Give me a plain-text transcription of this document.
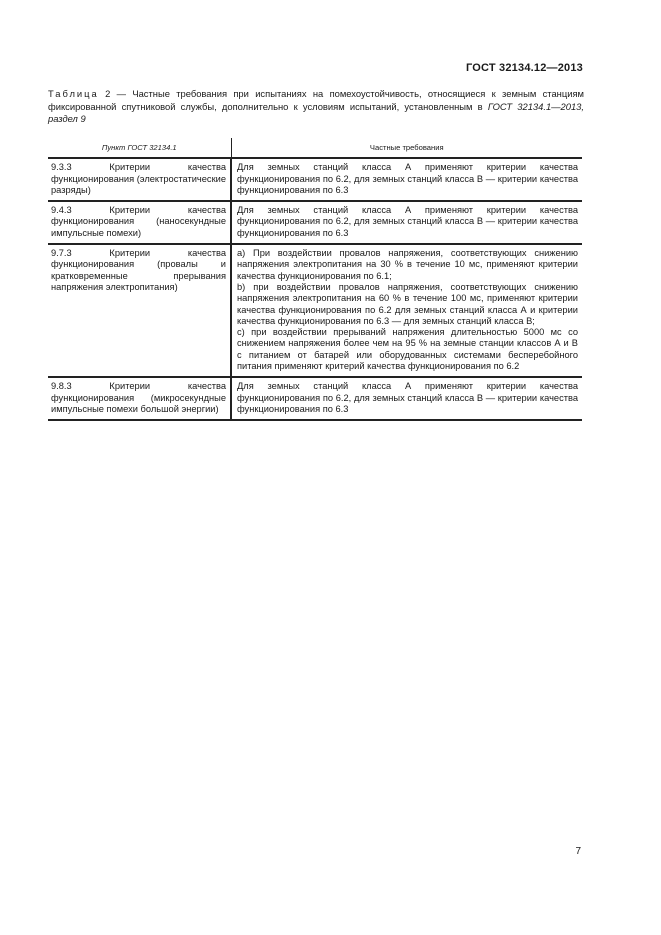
ГОСТ 32134.12—2013
Таблица 2 — Частные требования при испытаниях на помехоустойчивость, относящиеся к земным станциям фиксированной спутниковой службы, дополнительно к условиям испытаний, установленным в ГОСТ 32134.1—2013, раздел 9
Пункт ГОСТ 32134.1	Частные требования
9.3.3 Критерии качества функционирования (электростатические разряды)	Для земных станций класса А применяют критерии качества функционирования по 6.2, для земных станций класса В — критерии качества функционирования по 6.3

9.4.3 Критерии качества функционирования (наносекундные импульсные помехи)	Для земных станций класса А применяют критерии качества функционирования по 6.2, для земных станций класса В — критерии качества функционирования по 6.3

9.7.3 Критерии качества функционирования (провалы и кратковременные прерывания напряжения электропитания)	а) При воздействии провалов напряжения, соответствующих снижению напряжения электропитания на 30 % в течение 10 мс, применяют критерии качества функционирования по 6.1;
b) при воздействии провалов напряжения, соответствующих снижению напряжения электропитания на 60 % в течение 100 мс, применяют критерии качества функционирования по 6.2 для земных станций класса А и критерии качества функционирования по 6.3 — для земных станций класса В;
с) при воздействии прерываний напряжения длительностью 5000 мс со снижением напряжения более чем на 95 % на земные станции классов А и В с питанием от батарей или оборудованных системами бесперебойного питания применяют критерий качества функционирования по 6.2

9.8.3 Критерии качества функционирования (микросекундные импульсные помехи большой энергии)	Для земных станций класса А применяют критерии качества функционирования по 6.2, для земных станций класса В — критерии качества функционирования по 6.3
7
